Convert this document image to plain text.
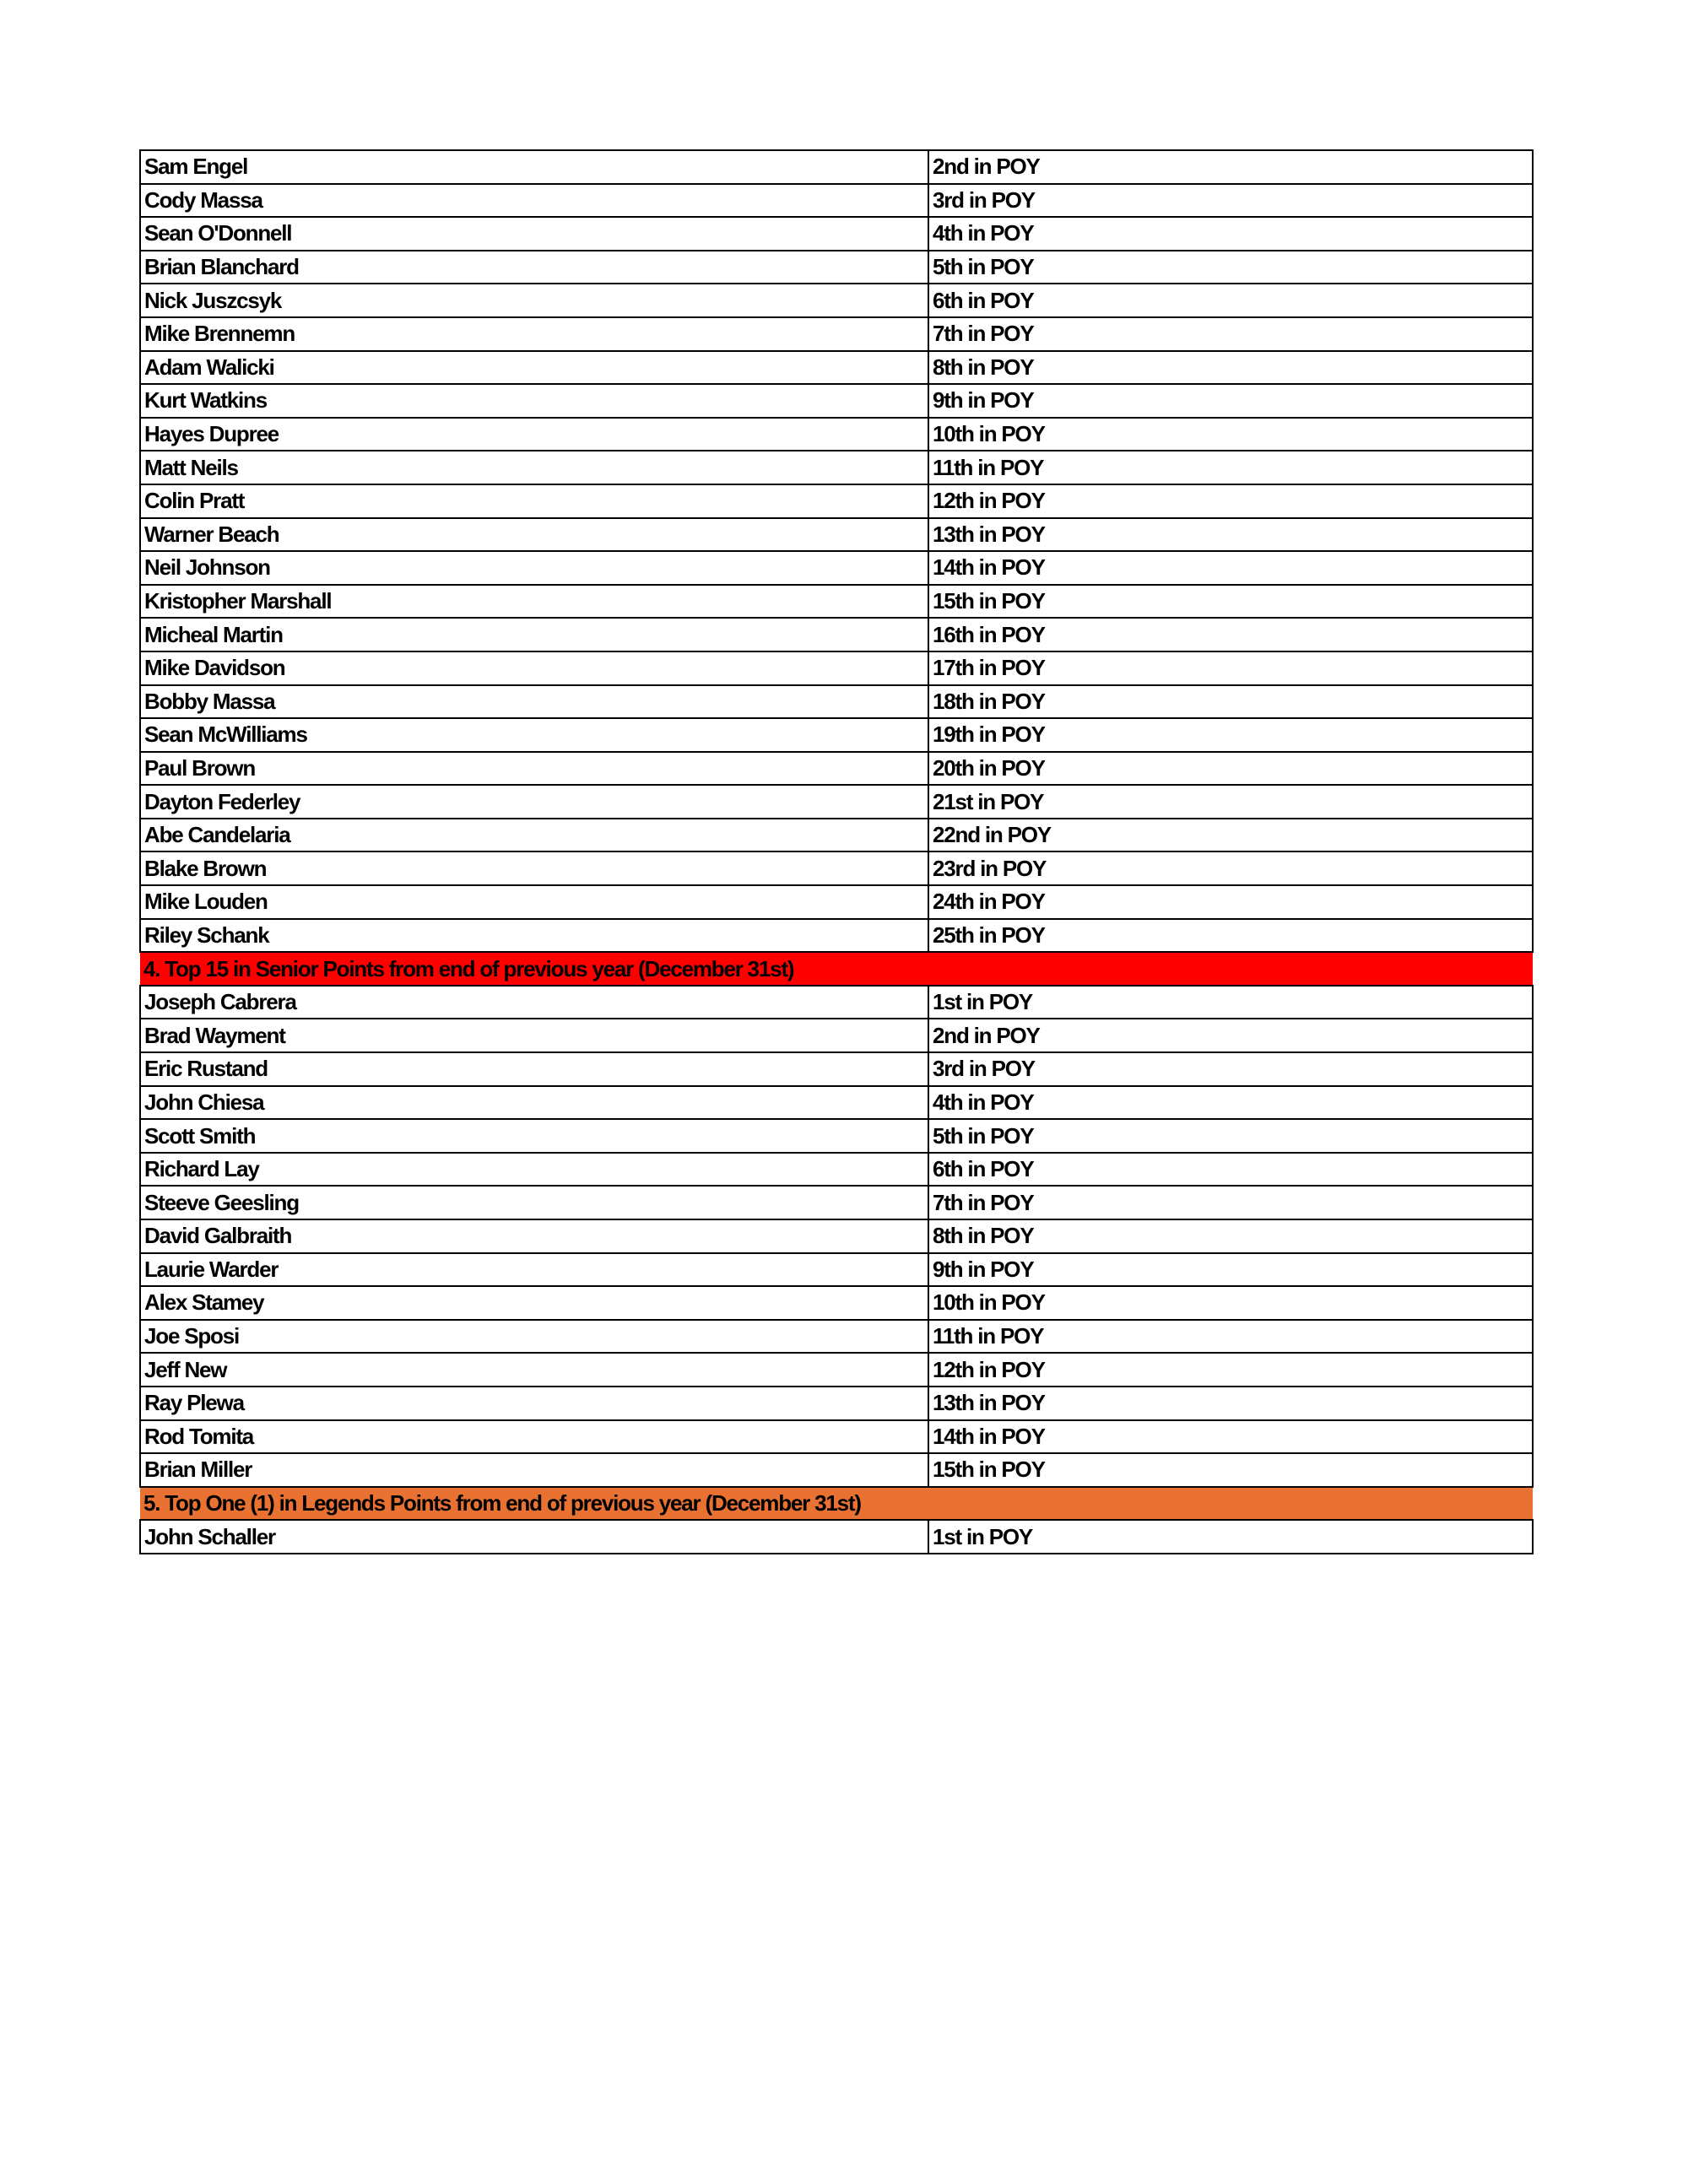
Sam Engel	2nd in POY
Cody Massa	3rd in POY
Sean O'Donnell	4th in POY
Brian Blanchard	5th in POY
Nick Juszcsyk	6th in POY
Mike Brennemn	7th in POY
Adam Walicki	8th in POY
Kurt Watkins	9th in POY
Hayes Dupree	10th in POY
Matt Neils	11th in POY
Colin Pratt	12th in POY
Warner Beach	13th in POY
Neil Johnson	14th in POY
Kristopher Marshall	15th in POY
Micheal Martin	16th in POY
Mike Davidson	17th in POY
Bobby Massa	18th in POY
Sean McWilliams	19th in POY
Paul Brown	20th in POY
Dayton Federley	21st in POY
Abe Candelaria	22nd in POY
Blake Brown	23rd in POY
Mike Louden	24th in POY
Riley Schank	25th in POY
4. Top 15 in Senior Points from end of previous year (December 31st)	
Joseph Cabrera	1st in POY
Brad Wayment	2nd in POY
Eric Rustand	3rd in POY
John Chiesa	4th in POY
Scott Smith	5th in POY
Richard Lay	6th in POY
Steeve Geesling	7th in POY
David Galbraith	8th in POY
Laurie Warder	9th in POY
Alex Stamey	10th in POY
Joe Sposi	11th in POY
Jeff New	12th in POY
Ray Plewa	13th in POY
Rod Tomita	14th in POY
Brian Miller	15th in POY
5. Top One (1) in Legends Points from end of previous year (December 31st)	
John Schaller	1st in POY
